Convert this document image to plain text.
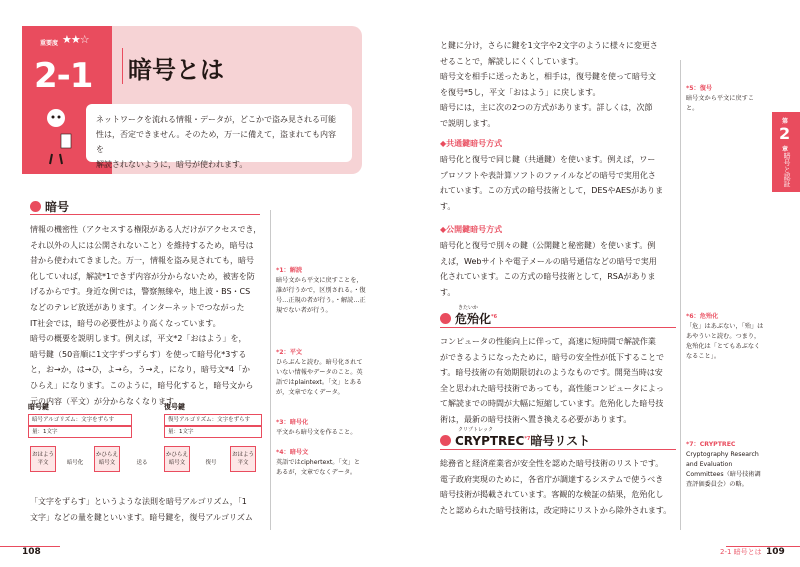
重要度 ★★☆
2-1 暗号とは
ネットワークを流れる情報・データが，どこかで盗み見される可能
性は，否定できません。そのため，万一に備えて，盗まれても内容を
解読されないように，暗号が使われます。
暗号
情報の機密性（アクセスする権限がある人だけがアクセスでき，
それ以外の人には公開されないこと）を維持するため，暗号は
昔から使われてきました。万一，情報を盗み見されても，暗号
化していれば，解読*1できず内容が分からないため，被害を防
げるからです。身近な例では，警察無線や，地上波・BS・CS
などのテレビ放送があります。インターネットでつながった
IT社会では，暗号の必要性がより高くなっています。
暗号の概要を説明します。例えば，平文*2「おはよう」を，
暗号鍵（50音順に1文字ずつずらす）を使って暗号化*3する
と，お→か，は→ひ，よ→ら，う→え，になり，暗号文*4「か
ひらえ」になります。このように，暗号化すると，暗号文から
元の内容（平文）が分からなくなります。
暗号鍵
暗号アルゴリズム：文字をずらす
量：1文字
復号鍵
復号アルゴリズム：文字をずらす
量：1文字
おはよう平文	暗号化
かひらえ暗号文	送る
かひらえ暗号文	復号
おはよう平文
「文字をずらす」というような法則を暗号アルゴリズム，「1
文字」などの量を鍵といいます。暗号鍵を，復号アルゴリズム
*1：解読
暗号文から平文に戻すことを，誰が行うかで，区別される。・復号…正規の者が行う。・解読…正規でない者が行う。
*2：平文
ひらぶんと読む。暗号化されていない情報やデータのこと。英語ではplaintext。「文」とあるが，文章でなくデータ。
*3：暗号化
平文から暗号文を作ること。
*4：暗号文
英語ではciphertext。「文」とあるが，文章でなくデータ。
108
と鍵に分け，さらに鍵を1文字や2文字のように様々に変更さ
せることで，解読しにくくしています。
暗号文を相手に送ったあと，相手は，復号鍵を使って暗号文
を復号*5し，平文「おはよう」に戻します。
暗号には，主に次の2つの方式があります。詳しくは，次節
で説明します。
◆共通鍵暗号方式
暗号化と復号で同じ鍵（共通鍵）を使います。例えば，ワー
プロソフトや表計算ソフトのファイルなどの暗号で実用化さ
れています。この方式の暗号技術として，DESやAESがありま
す。
◆公開鍵暗号方式
暗号化と復号で別々の鍵（公開鍵と秘密鍵）を使います。例
えば，Webサイトや電子メールの暗号通信などの暗号で実用
化されています。この方式の暗号技術として，RSAがありま
す。
きたいか
危殆化$^{*6}$
コンピュータの性能向上に伴って，高速に短時間で解読作業
ができるようになったために，暗号の安全性が低下することで
す。暗号技術の有効期限切れのようなものです。開発当時は安
全と思われた暗号技術であっても，高性能コンピュータによっ
て解読までの時間が大幅に短縮しています。危殆化した暗号技
術は，最新の暗号技術へ置き換える必要があります。
クリプトレック
CRYPTREC$^{*7}$暗号リスト
総務省と経済産業省が安全性を認めた暗号技術のリストです。
電子政府実現のために，各省庁が調達するシステムで使うべき
暗号技術が掲載されています。客観的な検証の結果，危殆化し
たと認められた暗号技術は，改定時にリストから除外されます。
*5：復号
暗号文から平文に戻すこと。
*6：危殆化
「危」はあぶない，「殆」はあやういと読む。つまり，危殆化は「とてもあぶなくなること」。
*7：CRYPTREC
Cryptography Research and Evaluation Committees（暗号技術調査評価委員会）の略。
2-1 暗号とは 109
第
2
章
暗号と認証
